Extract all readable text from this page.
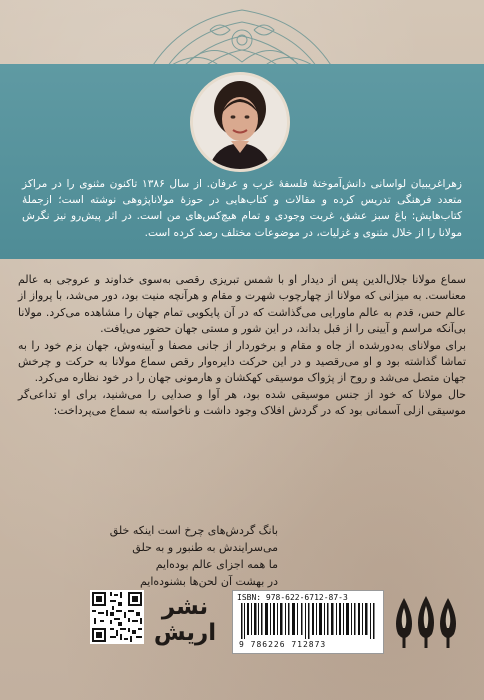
زهراغریبیان لواسانی دانش‌آموختهٔ فلسفهٔ غرب و عرفان. از سال ۱۳۸۶ تاکنون مثنوی را در مراکز متعدد فرهنگی تدریس کرده و مقالات و کتاب‌هایی در حوزهٔ مولاناپژوهی نوشته است؛ ازجملهٔ کتاب‌هایش: باغ سبز عشق، غربت وجودی و تمام هیچ‌کس‌های من است. در اثر پیش‌رو نیز نگرش مولانا را از خلال مثنوی و غزلیات، در موضوعات مختلف رصد کرده است.

سماع مولانا جلال‌الدین پس از دیدار او با شمس تبریزی رقصی به‌سوی خداوند و عروجی به عالم معناست. به میزانی که مولانا از چهارچوب شهرت و مقام و هرآنچه منیت بود، دور می‌شد، با پرواز از عالم حس، قدم به عالم ماورایی می‌گذاشت که در آن پایکوبی تمام جهان را مشاهده می‌کرد. مولانا بی‌آنکه مراسم و آیینی را از قبل بداند، در این شور و مستی جهان حضور می‌یافت.

برای مولانای به‌دورشده از جاه و مقام و برخوردار از جانی مصفا و آیینه‌وش، جهان بزم خود را به تماشا گذاشته بود و او می‌رقصید و در این حرکت دایره‌وار رقص سماع مولانا به حرکت و چرخش جهان متصل می‌شد و روح از پژواک موسیقی کهکشان و هارمونی جهان را در خود نظاره می‌کرد.

حال مولانا که خود از جنس موسیقی شده بود، هر آوا و صدایی را می‌شنید، برای او تداعی‌گر موسیقی ازلی آسمانی بود که در گردش افلاک وجود داشت و ناخواسته به سماع می‌پرداخت:

بانگ گردش‌های چرخ است اینکه خلق
می‌سرایندش به طنبور و به حلق
ما همه اجزای عالم بوده‌ایم
در بهشت آن لحن‌ها بشنوده‌ایم
ISBN: 978-622-6712-87-3
9 786226 712873
نشر
اریش
